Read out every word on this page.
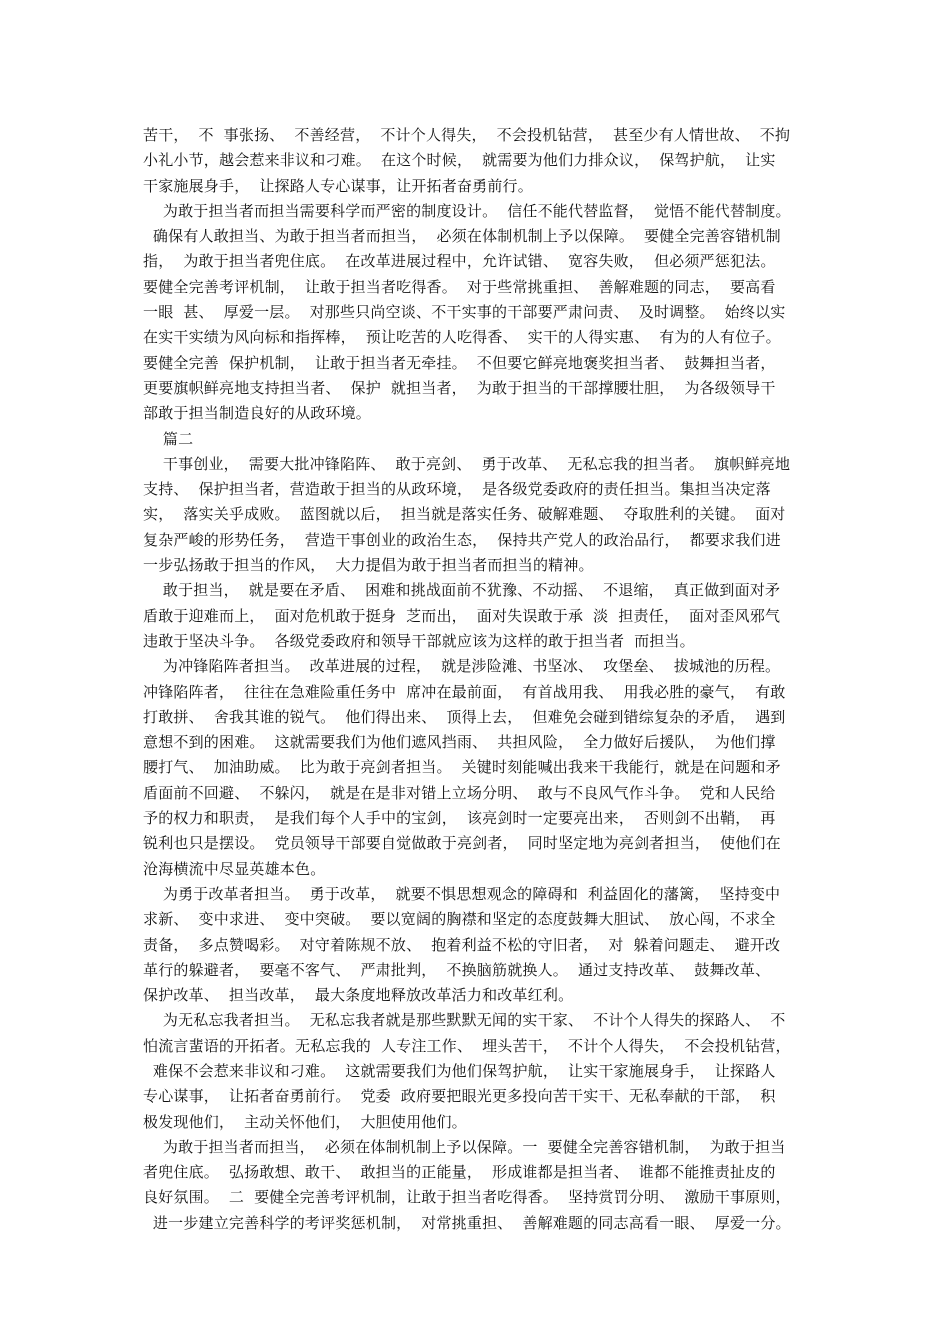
苦干，  不  事张扬、  不善经营，  不计个人得失，  不会投机钻营，  甚至少有人情世故、  不拘
小礼小节，越会惹来非议和刁难。  在这个时候，  就需要为他们力排众议，  保驾护航，  让实
干家施展身手，  让探路人专心谋事，让开拓者奋勇前行。
为敢于担当者而担当需要科学而严密的制度设计。  信任不能代替监督，  觉悟不能代替制度。
确保有人敢担当、为敢于担当者而担当，  必须在体制机制上予以保障。  要健全完善容错机制
指，  为敢于担当者兜住底。  在改革进展过程中，允许试错、  宽容失败，  但必须严惩犯法。
要健全完善考评机制，  让敢于担当者吃得香。  对于些常挑重担、  善解难题的同志，  要高看
一眼  甚、  厚爱一层。  对那些只尚空谈、不干实事的干部要严肃问责、  及时调整。  始终以实
在实干实绩为风向标和指挥棒，  预让吃苦的人吃得香、  实干的人得实惠、  有为的人有位子。
要健全完善  保护机制，  让敢于担当者无牵挂。  不但要它鲜亮地褒奖担当者、  鼓舞担当者，
更要旗帜鲜亮地支持担当者、  保护  就担当者，  为敢于担当的干部撑腰壮胆，  为各级领导干
部敢于担当制造良好的从政环境。
篇二
干事创业，  需要大批冲锋陷阵、  敢于亮剑、  勇于改革、  无私忘我的担当者。  旗帜鲜亮地
支持、  保护担当者，营造敢于担当的从政环境，  是各级党委政府的责任担当。集担当决定落
实，  落实关乎成败。  蓝图就以后，  担当就是落实任务、破解难题、  夺取胜利的关键。  面对
复杂严峻的形势任务，  营造干事创业的政治生态，  保持共产党人的政治品行，  都要求我们进
一步弘扬敢于担当的作风，  大力提倡为敢于担当者而担当的精神。
敢于担当，  就是要在矛盾、  困难和挑战面前不犹豫、不动摇、  不退缩，  真正做到面对矛
盾敢于迎难而上，  面对危机敢于挺身  芝而出，  面对失误敢于承  淡  担责任，  面对歪风邪气
违敢于坚决斗争。  各级党委政府和领导干部就应该为这样的敢于担当者  而担当。
为冲锋陷阵者担当。  改革进展的过程，  就是涉险滩、书坚冰、  攻堡垒、  拔城池的历程。
冲锋陷阵者，  往往在急难险重任务中  席冲在最前面，  有首战用我、  用我必胜的豪气，  有敢
打敢拼、  舍我其谁的锐气。  他们得出来、  顶得上去，  但难免会碰到错综复杂的矛盾，  遇到
意想不到的困难。  这就需要我们为他们遮风挡雨、  共担风险，  全力做好后援队，  为他们撑
腰打气、  加油助威。  比为敢于亮剑者担当。  关键时刻能喊出我来干我能行，就是在问题和矛
盾面前不回避、  不躲闪，  就是在是非对错上立场分明、  敢与不良风气作斗争。  党和人民给
予的权力和职责，  是我们每个人手中的宝剑，  该亮剑时一定要亮出来，  否则剑不出鞘，  再
锐利也只是摆设。  党员领导干部要自觉做敢于亮剑者，  同时坚定地为亮剑者担当，  使他们在
沧海横流中尽显英雄本色。
为勇于改革者担当。  勇于改革，  就要不惧思想观念的障碍和  利益固化的藩篱，  坚持变中
求新、  变中求进、  变中突破。  要以宽阔的胸襟和坚定的态度鼓舞大胆试、  放心闯，不求全
责备，  多点赞喝彩。  对守着陈规不放、  抱着利益不松的守旧者，  对  躲着问题走、  避开改
革行的躲避者，  要毫不客气、  严肃批判，  不换脑筋就换人。  通过支持改革、  鼓舞改革、
保护改革、  担当改革，  最大条度地释放改革活力和改革红利。
为无私忘我者担当。  无私忘我者就是那些默默无闻的实干家、  不计个人得失的探路人、  不
怕流言蜚语的开拓者。无私忘我的  人专注工作、  埋头苦干，  不计个人得失，  不会投机钻营，
难保不会惹来非议和刁难。  这就需要我们为他们保驾护航，  让实干家施展身手，  让探路人
专心谋事，  让拓者奋勇前行。  党委  政府要把眼光更多投向苦干实干、无私奉献的干部，  积
极发现他们，  主动关怀他们，  大胆使用他们。
为敢于担当者而担当，  必须在体制机制上予以保障。一  要健全完善容错机制，  为敢于担当
者兜住底。  弘扬敢想、敢干、  敢担当的正能量，  形成谁都是担当者、  谁都不能推责扯皮的
良好氛围。  二  要健全完善考评机制，让敢于担当者吃得香。  坚持赏罚分明、  激励干事原则，
进一步建立完善科学的考评奖惩机制，  对常挑重担、  善解难题的同志高看一眼、  厚爱一分。
